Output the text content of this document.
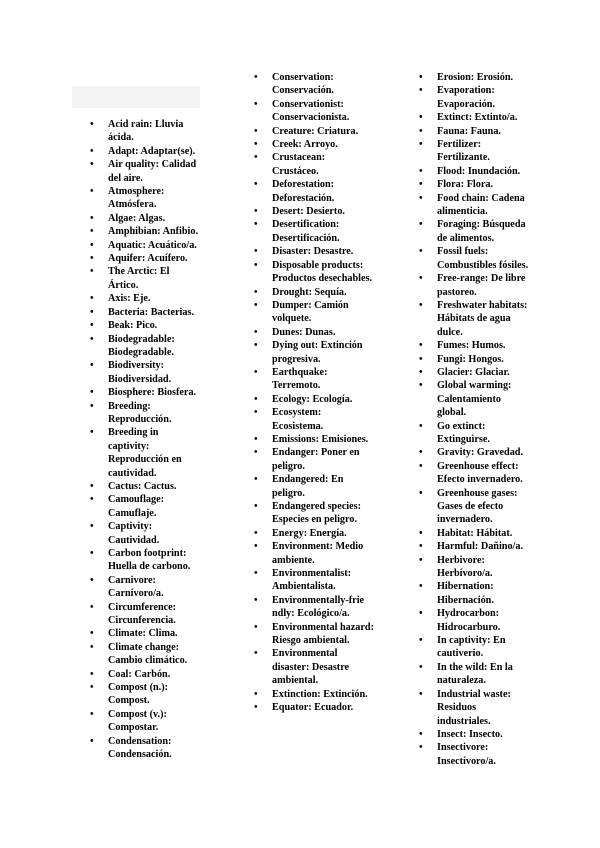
• Acid rain: Lluvia ácida.
• Adapt: Adaptar(se).
• Air quality: Calidad del aire.
• Atmosphere: Atmósfera.
• Algae: Algas.
• Amphibian: Anfibio.
• Aquatic: Acuático/a.
• Aquifer: Acuífero.
• The Arctic: El Ártico.
• Axis: Eje.
• Bacteria: Bacterias.
• Beak: Pico.
• Biodegradable: Biodegradable.
• Biodiversity: Biodiversidad.
• Biosphere: Biosfera.
• Breeding: Reproducción.
• Breeding in captivity: Reproducción en cautividad.
• Cactus: Cactus.
• Camouflage: Camuflaje.
• Captivity: Cautividad.
• Carbon footprint: Huella de carbono.
• Carnivore: Carnívoro/a.
• Circumference: Circunferencia.
• Climate: Clima.
• Climate change: Cambio climático.
• Coal: Carbón.
• Compost (n.): Compost.
• Compost (v.): Compostar.
• Condensation: Condensación.
• Conservation: Conservación.
• Conservationist: Conservacionista.
• Creature: Criatura.
• Creek: Arroyo.
• Crustacean: Crustáceo.
• Deforestation: Deforestación.
• Desert: Desierto.
• Desertification: Desertificación.
• Disaster: Desastre.
• Disposable products: Productos desechables.
• Drought: Sequía.
• Dumper: Camión volquete.
• Dunes: Dunas.
• Dying out: Extinción progresiva.
• Earthquake: Terremoto.
• Ecology: Ecología.
• Ecosystem: Ecosistema.
• Emissions: Emisiones.
• Endanger: Poner en peligro.
• Endangered: En peligro.
• Endangered species: Especies en peligro.
• Energy: Energía.
• Environment: Medio ambiente.
• Environmentalist: Ambientalista.
• Environmentally-frie ndly: Ecológico/a.
• Environmental hazard: Riesgo ambiental.
• Environmental disaster: Desastre ambiental.
• Extinction: Extinción.
• Equator: Ecuador.
• Erosion: Erosión.
• Evaporation: Evaporación.
• Extinct: Extinto/a.
• Fauna: Fauna.
• Fertilizer: Fertilizante.
• Flood: Inundación.
• Flora: Flora.
• Food chain: Cadena alimenticia.
• Foraging: Búsqueda de alimentos.
• Fossil fuels: Combustibles fósiles.
• Free-range: De libre pastoreo.
• Freshwater habitats: Hábitats de agua dulce.
• Fumes: Humos.
• Fungi: Hongos.
• Glacier: Glaciar.
• Global warming: Calentamiento global.
• Go extinct: Extinguirse.
• Gravity: Gravedad.
• Greenhouse effect: Efecto invernadero.
• Greenhouse gases: Gases de efecto invernadero.
• Habitat: Hábitat.
• Harmful: Dañino/a.
• Herbivore: Herbívoro/a.
• Hibernation: Hibernación.
• Hydrocarbon: Hidrocarburo.
• In captivity: En cautiverio.
• In the wild: En la naturaleza.
• Industrial waste: Residuos industriales.
• Insect: Insecto.
• Insectivore: Insectívoro/a.
